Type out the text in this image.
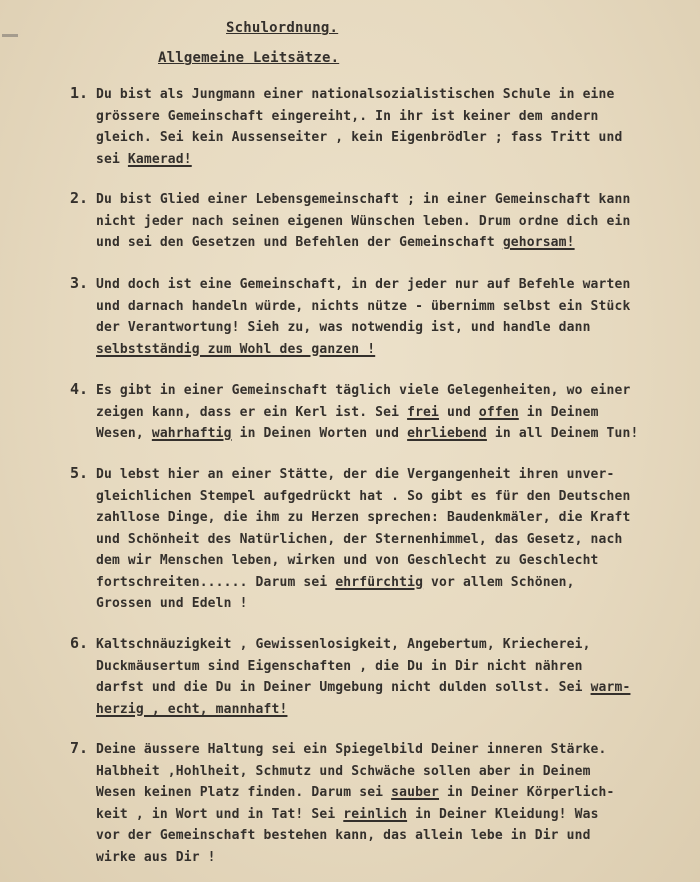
Schulordnung.
Allgemeine Leitsätze.
1. Du bist als Jungmann einer nationalsozialistischen Schule in eine
grössere Gemeinschaft eingereiht,. In ihr ist keiner dem andern
gleich. Sei kein Aussenseiter , kein Eigenbrödler ; fass Tritt und
sei Kamerad!
2. Du bist Glied einer Lebensgemeinschaft ; in einer Gemeinschaft kann
nicht jeder nach seinen eigenen Wünschen leben. Drum ordne dich ein
und sei den Gesetzen und Befehlen der Gemeinschaft gehorsam!
3. Und doch ist eine Gemeinschaft, in der jeder nur auf Befehle warten
und darnach handeln würde, nichts nütze - übernimm selbst ein Stück
der Verantwortung! Sieh zu, was notwendig ist, und handle dann
selbstständig zum Wohl des ganzen !
4. Es gibt in einer Gemeinschaft täglich viele Gelegenheiten, wo einer
zeigen kann, dass er ein Kerl ist. Sei frei und offen in Deinem
Wesen, wahrhaftig in Deinen Worten und ehrliebend in all Deinem Tun!
5. Du lebst hier an einer Stätte, der die Vergangenheit ihren unver-
gleichlichen Stempel aufgedrückt hat . So gibt es für den Deutschen
zahllose Dinge, die ihm zu Herzen sprechen: Baudenkmäler, die Kraft
und Schönheit des Natürlichen, der Sternenhimmel, das Gesetz, nach
dem wir Menschen leben, wirken und von Geschlecht zu Geschlecht
fortschreiten...... Darum sei ehrfürchtig vor allem Schönen,
Grossen und Edeln !
6. Kaltschnäuzigkeit , Gewissenlosigkeit, Angebertum, Kriecherei,
Duckmäusertum sind Eigenschaften , die Du in Dir nicht nähren
darfst und die Du in Deiner Umgebung nicht dulden sollst. Sei warm-
herzig , echt, mannhaft!
7. Deine äussere Haltung sei ein Spiegelbild Deiner inneren Stärke.
Halbheit ,Hohlheit, Schmutz und Schwäche sollen aber in Deinem
Wesen keinen Platz finden. Darum sei sauber in Deiner Körperlich-
keit , in Wort und in Tat! Sei reinlich in Deiner Kleidung! Was
vor der Gemeinschaft bestehen kann, das allein lebe in Dir und
wirke aus Dir !
